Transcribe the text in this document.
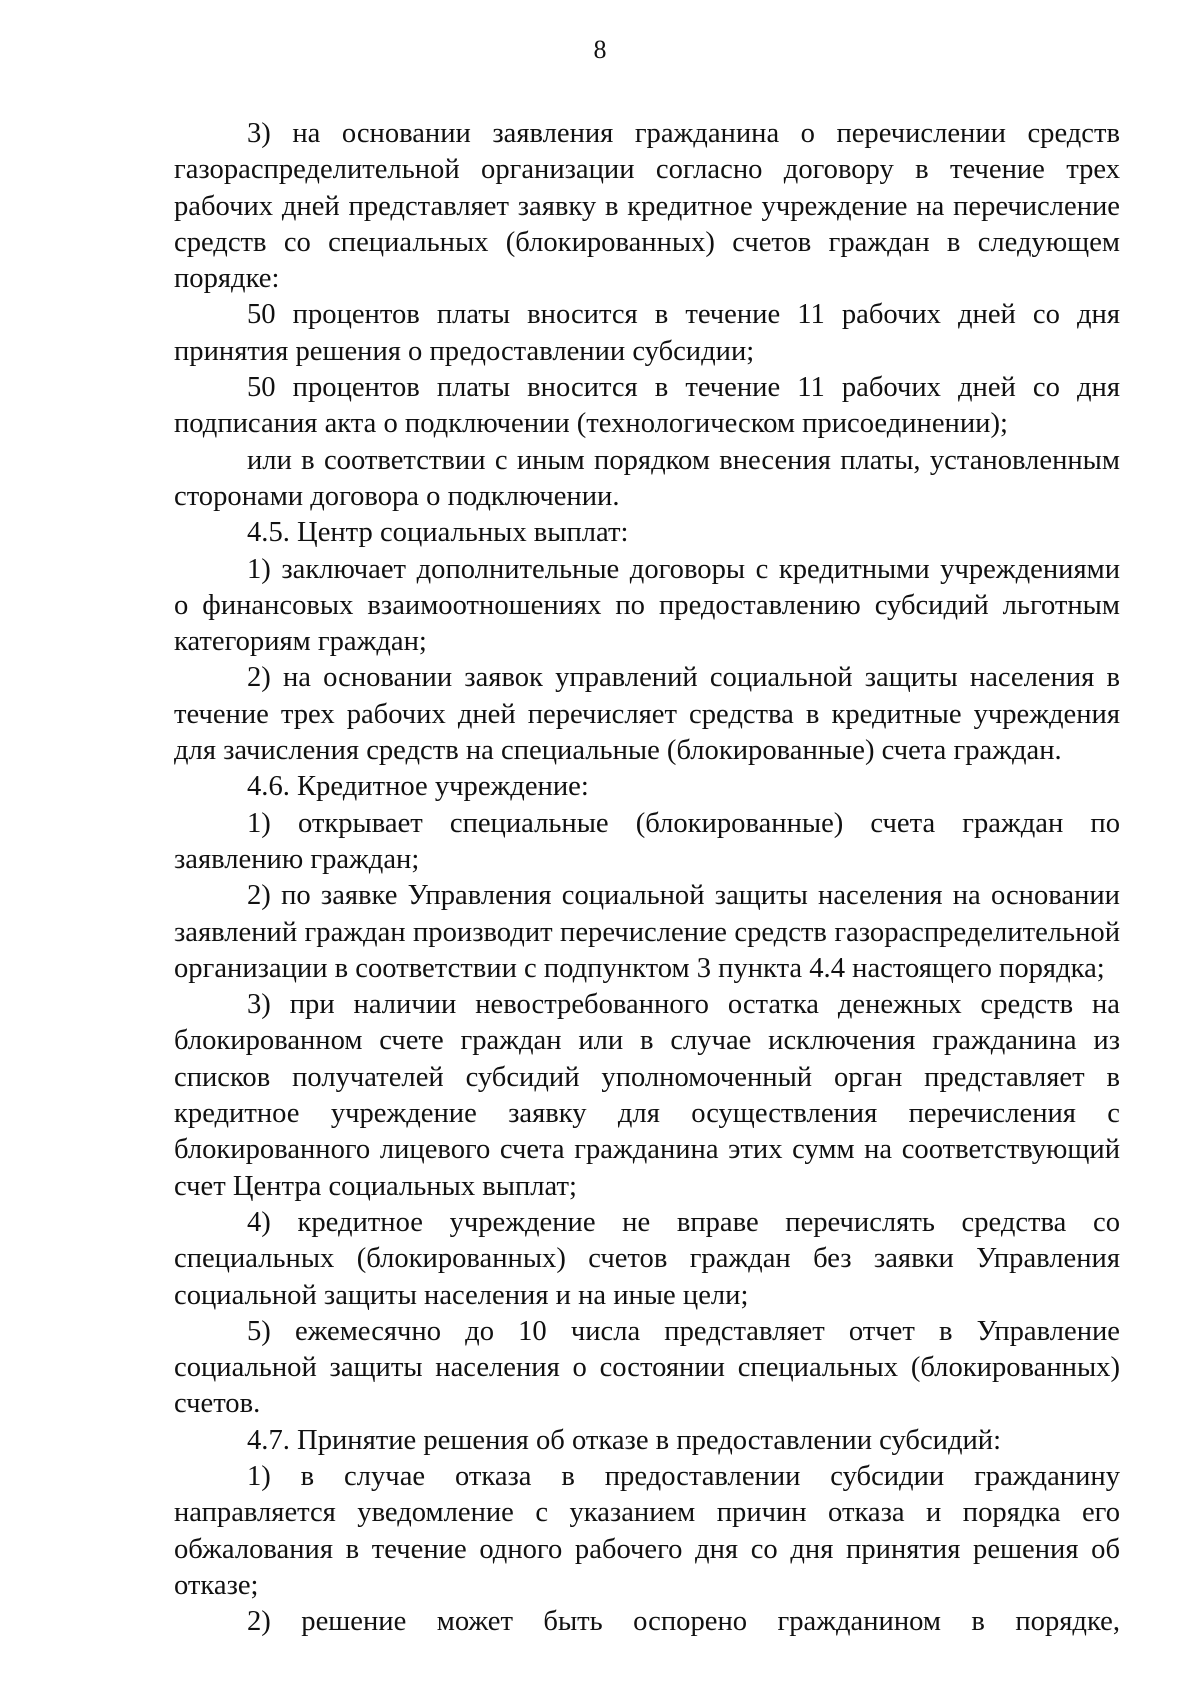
8

3) на основании заявления гражданина о перечислении средств газораспределительной организации согласно договору в течение трех рабочих дней представляет заявку в кредитное учреждение на перечисление средств со специальных (блокированных) счетов граждан в следующем порядке:

50 процентов платы вносится в течение 11 рабочих дней со дня принятия решения о предоставлении субсидии;

50 процентов платы вносится в течение 11 рабочих дней со дня подписания акта о подключении (технологическом присоединении);

или в соответствии с иным порядком внесения платы, установленным сторонами договора о подключении.

4.5. Центр социальных выплат:

1) заключает дополнительные договоры с кредитными учреждениями о финансовых взаимоотношениях по предоставлению субсидий льготным категориям граждан;

2) на основании заявок управлений социальной защиты населения в течение трех рабочих дней перечисляет средства в кредитные учреждения для зачисления средств на специальные (блокированные) счета граждан.

4.6. Кредитное учреждение:

1) открывает специальные (блокированные) счета граждан по заявлению граждан;

2) по заявке Управления социальной защиты населения на основании заявлений граждан производит перечисление средств газораспределительной организации в соответствии с подпунктом 3 пункта 4.4 настоящего порядка;

3) при наличии невостребованного остатка денежных средств на блокированном счете граждан или в случае исключения гражданина из списков получателей субсидий уполномоченный орган представляет в кредитное учреждение заявку для осуществления перечисления с блокированного лицевого счета гражданина этих сумм на соответствующий счет Центра социальных выплат;

4) кредитное учреждение не вправе перечислять средства со специальных (блокированных) счетов граждан без заявки Управления социальной защиты населения и на иные цели;

5) ежемесячно до 10 числа представляет отчет в Управление социальной защиты населения о состоянии специальных (блокированных) счетов.

4.7. Принятие решения об отказе в предоставлении субсидий:

1) в случае отказа в предоставлении субсидии гражданину направляется уведомление с указанием причин отказа и порядка его обжалования в течение одного рабочего дня со дня принятия решения об отказе;

2) решение может быть оспорено гражданином в порядке,
